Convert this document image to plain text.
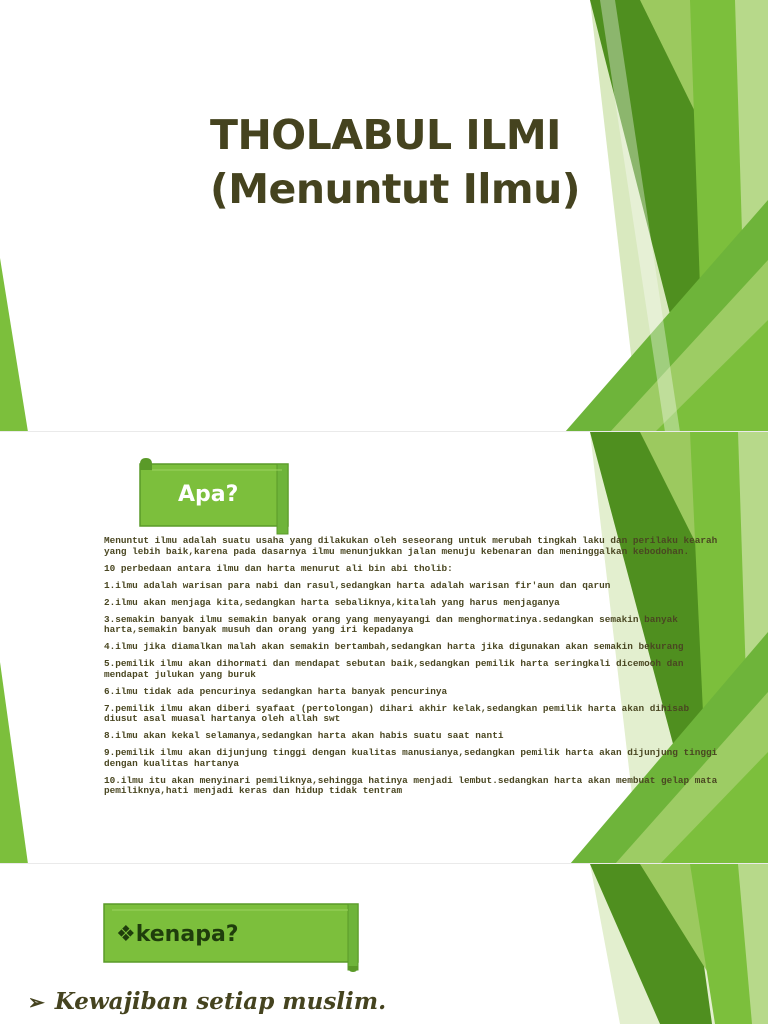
THOLABUL ILMI
(Menuntut Ilmu)
Apa?

Menuntut ilmu adalah suatu usaha yang dilakukan oleh seseorang untuk merubah tingkah laku dan perilaku kearah yang lebih baik,karena pada dasarnya ilmu menunjukkan jalan menuju kebenaran dan meninggalkan kebodohan.

10 perbedaan antara ilmu dan harta menurut ali bin abi tholib:

1.ilmu adalah warisan para nabi dan rasul,sedangkan harta adalah warisan fir'aun dan qarun

2.ilmu akan menjaga kita,sedangkan harta sebaliknya,kitalah yang harus menjaganya

3.semakin banyak ilmu semakin banyak orang yang menyayangi dan menghormatinya.sedangkan semakin banyak harta,semakin banyak musuh dan orang yang iri kepadanya

4.ilmu jika diamalkan malah akan semakin bertambah,sedangkan harta jika digunakan akan semakin bekurang

5.pemilik ilmu akan dihormati dan mendapat sebutan baik,sedangkan pemilik harta seringkali dicemooh dan mendapat julukan yang buruk

6.ilmu tidak ada pencurinya sedangkan harta banyak pencurinya

7.pemilik ilmu akan diberi syafaat (pertolongan) dihari akhir kelak,sedangkan pemilik harta akan dihisab diusut asal muasal hartanya oleh allah swt

8.ilmu akan kekal selamanya,sedangkan harta akan habis suatu saat nanti

9.pemilik ilmu akan dijunjung tinggi dengan kualitas manusianya,sedangkan pemilik harta akan dijunjung tinggi dengan kualitas hartanya

10.ilmu itu akan menyinari pemiliknya,sehingga hatinya menjadi lembut.sedangkan harta akan membuat gelap mata pemiliknya,hati menjadi keras dan hidup tidak tentram

❖kenapa?
➢ Kewajiban setiap muslim.
